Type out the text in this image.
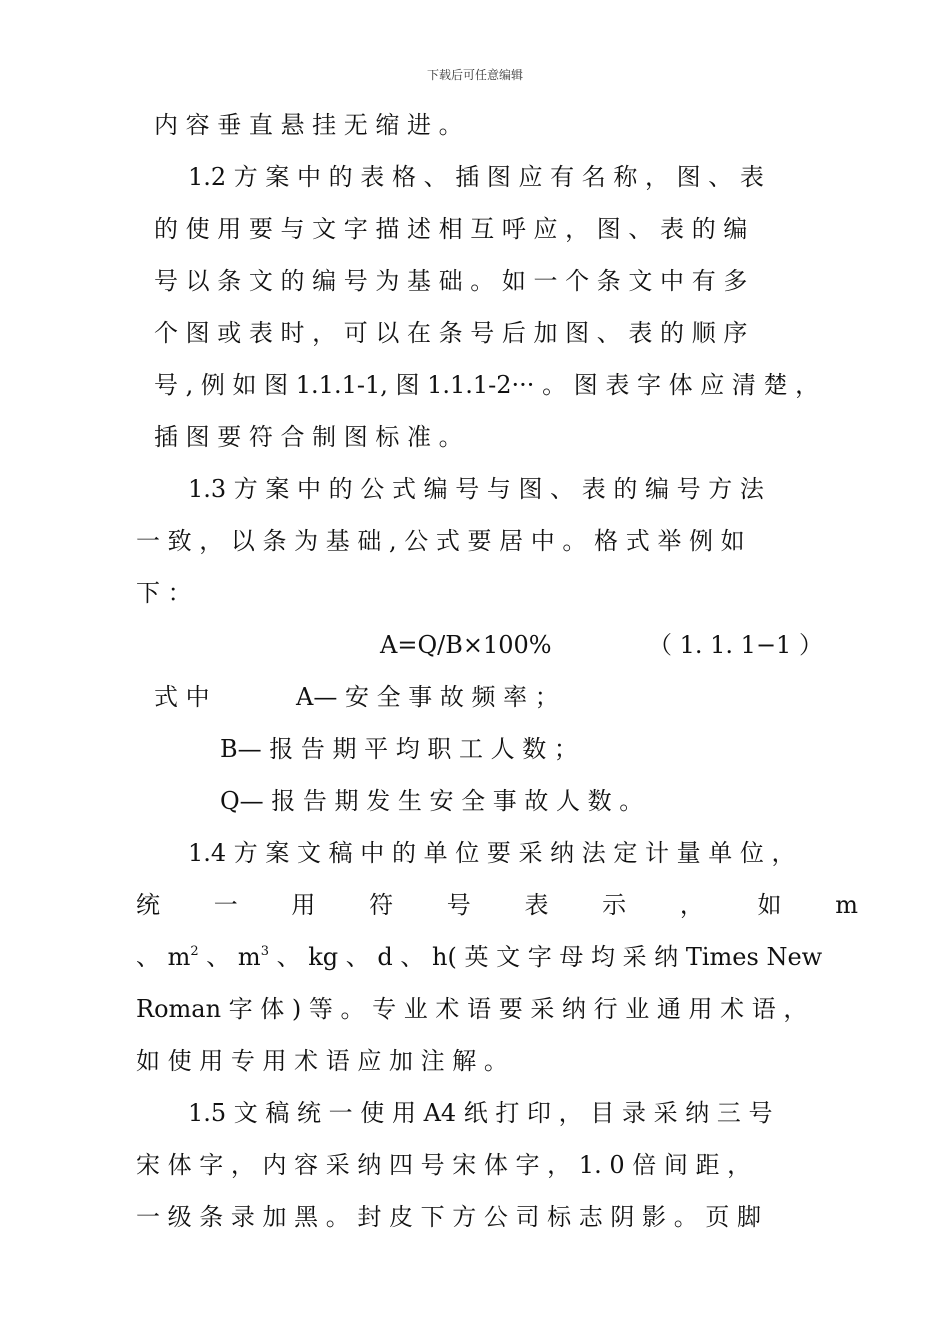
下载后可任意编辑
内 容 垂 直 悬 挂 无 缩 进 。
1.2 方 案 中 的 表 格 、 插 图 应 有 名 称 ， 图 、 表
的 使 用 要 与 文 字 描 述 相 互 呼 应 ， 图 、 表 的 编
号 以 条 文 的 编 号 为 基 础 。 如 一 个 条 文 中 有 多
个 图 或 表 时 ， 可 以 在 条 号 后 加 图 、 表 的 顺 序
号 , 例 如 图 1.1.1-1, 图 1.1.1-2··· 。 图 表 字 体 应 清 楚 ，
插 图 要 符 合 制 图 标 准 。
1.3 方 案 中 的 公 式 编 号 与 图 、 表 的 编 号 方 法
一 致 ， 以 条 为 基 础 , 公 式 要 居 中 。 格 式 举 例 如
下 ：
A=Q/B×100%	（ 1. 1. 1−1 ）
式 中	A— 安 全 事 故 频 率 ；
B— 报 告 期 平 均 职 工 人 数 ；
Q— 报 告 期 发 生 安 全 事 故 人 数 。
1.4 方 案 文 稿 中 的 单 位 要 采 纳 法 定 计 量 单 位 ，
统 一 用 符 号 表 示 ， 如 m
、 $m^2$ 、 $m^3$ 、 kg 、 d 、 h( 英 文 字 母 均 采 纳 Times New
Roman 字 体 ) 等 。 专 业 术 语 要 采 纳 行 业 通 用 术 语 ，
如 使 用 专 用 术 语 应 加 注 解 。
1.5 文 稿 统 一 使 用 A4 纸 打 印 ， 目 录 采 纳 三 号
宋 体 字 ， 内 容 采 纳 四 号 宋 体 字 ， 1. 0 倍 间 距 ，
一 级 条 录 加 黑 。 封 皮 下 方 公 司 标 志 阴 影 。 页 脚
